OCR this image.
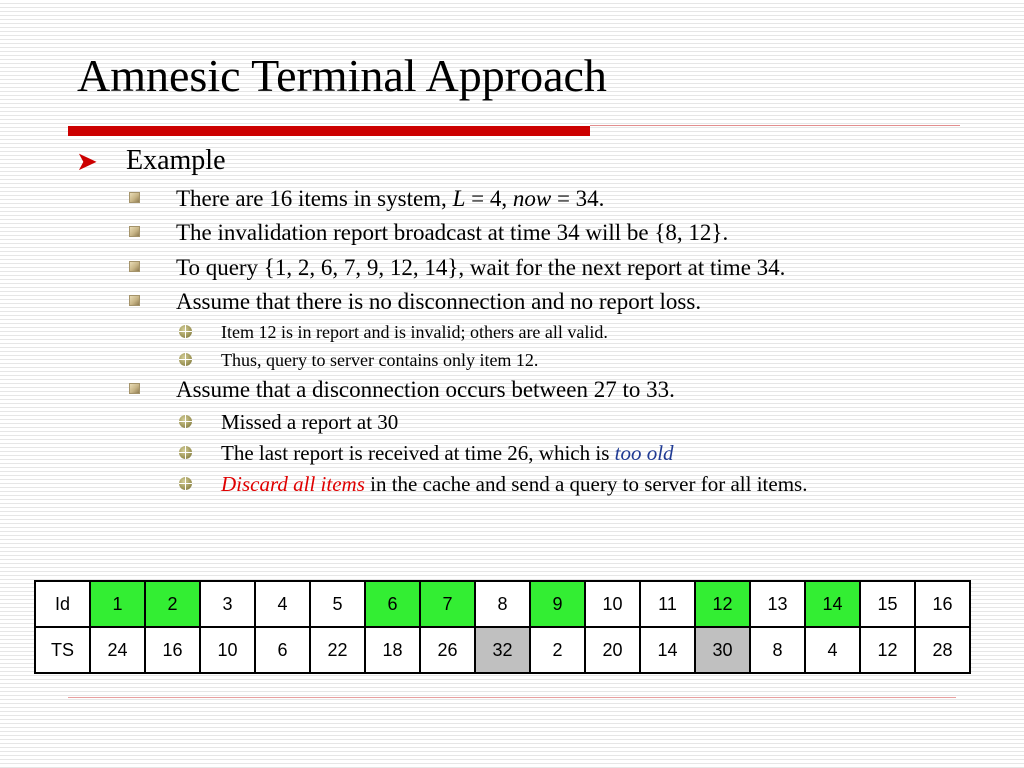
Amnesic Terminal Approach
➤ Example
There are 16 items in system, L = 4, now = 34.
The invalidation report broadcast at time 34 will be {8, 12}.
To query {1, 2, 6, 7, 9, 12, 14}, wait for the next report at time 34.
Assume that there is no disconnection and no report loss.
Item 12 is in report and is invalid; others are all valid.
Thus, query to server contains only item 12.
Assume that a disconnection occurs between 27 to 33.
Missed a report at 30
The last report is received at time 26, which is too old
Discard all items in the cache and send a query to server for all items.
Id	1	2	3	4	5	6	7	8	9	10	11	12	13	14	15	16
TS	24	16	10	6	22	18	26	32	2	20	14	30	8	4	12	28
